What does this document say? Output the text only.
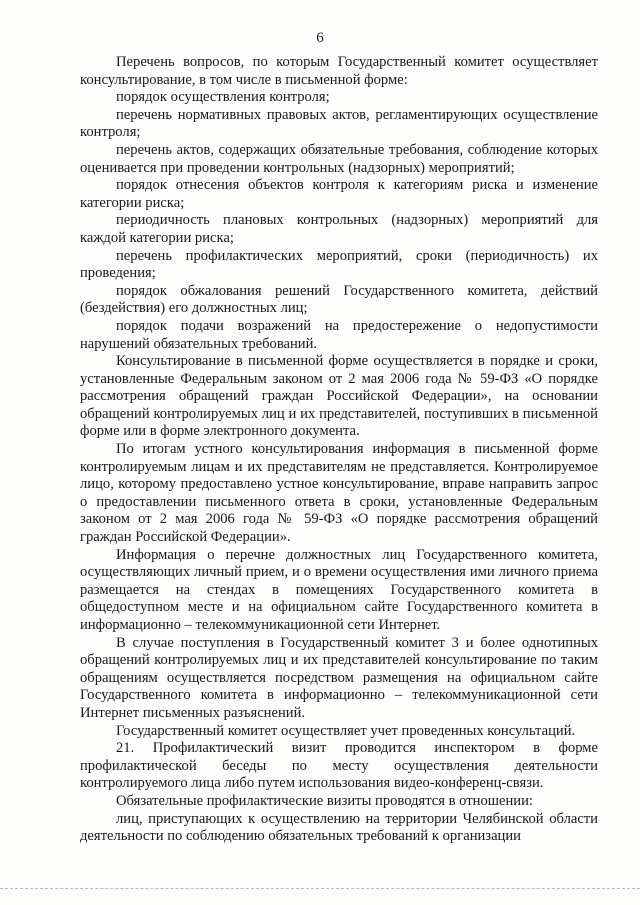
6

Перечень вопросов, по которым Государственный комитет осуществляет консультирование, в том числе в письменной форме:

порядок осуществления контроля;

перечень нормативных правовых актов, регламентирующих осуществление контроля;

перечень актов, содержащих обязательные требования, соблюдение которых оценивается при проведении контрольных (надзорных) мероприятий;

порядок отнесения объектов контроля к категориям риска и изменение категории риска;

периодичность плановых контрольных (надзорных) мероприятий для каждой категории риска;

перечень профилактических мероприятий, сроки (периодичность) их проведения;

порядок обжалования решений Государственного комитета, действий (бездействия) его должностных лиц;

порядок подачи возражений на предостережение о недопустимости нарушений обязательных требований.

Консультирование в письменной форме осуществляется в порядке и сроки, установленные Федеральным законом от 2 мая 2006 года № 59-ФЗ «О порядке рассмотрения обращений граждан Российской Федерации», на основании обращений контролируемых лиц и их представителей, поступивших в письменной форме или в форме электронного документа.

По итогам устного консультирования информация в письменной форме контролируемым лицам и их представителям не представляется. Контролируемое лицо, которому предоставлено устное консультирование, вправе направить запрос о предоставлении письменного ответа в сроки, установленные Федеральным законом от 2 мая 2006 года № 59-ФЗ «О порядке рассмотрения обращений граждан Российской Федерации».

Информация о перечне должностных лиц Государственного комитета, осуществляющих личный прием, и о времени осуществления ими личного приема размещается на стендах в помещениях Государственного комитета в общедоступном месте и на официальном сайте Государственного комитета в информационно – телекоммуникационной сети Интернет.

В случае поступления в Государственный комитет 3 и более однотипных обращений контролируемых лиц и их представителей консультирование по таким обращениям осуществляется посредством размещения на официальном сайте Государственного комитета в информационно – телекоммуникационной сети Интернет письменных разъяснений.

Государственный комитет осуществляет учет проведенных консультаций.

21. Профилактический визит проводится инспектором в форме профилактической беседы по месту осуществления деятельности контролируемого лица либо путем использования видео-конференц-связи.

Обязательные профилактические визиты проводятся в отношении:

лиц, приступающих к осуществлению на территории Челябинской области деятельности по соблюдению обязательных требований к организации
